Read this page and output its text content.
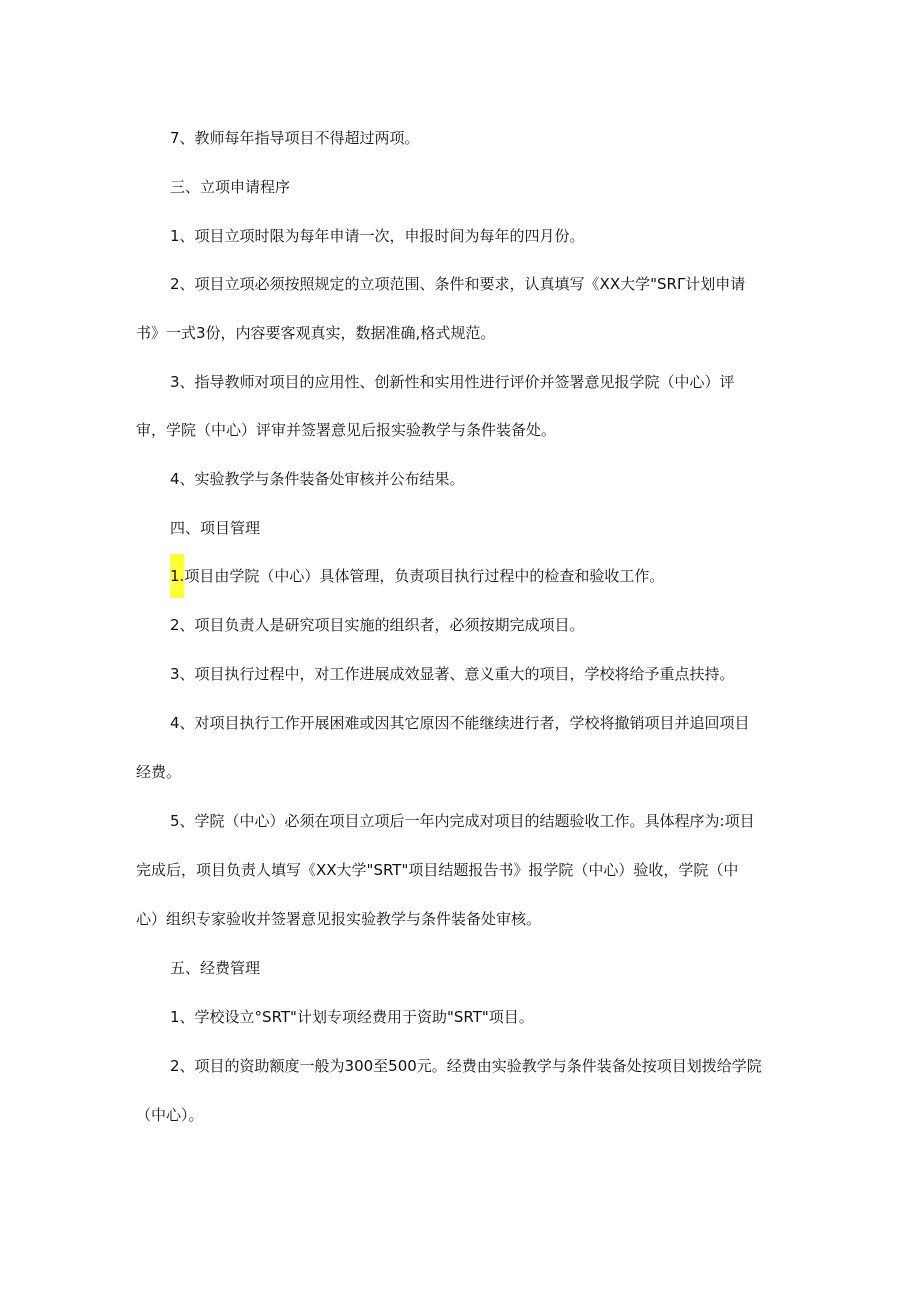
7、教师每年指导项目不得超过两项。
三、立项申请程序
1、项目立项时限为每年申请一次，申报时间为每年的四月份。
2、项目立项必须按照规定的立项范围、条件和要求，认真填写《XX大学"SRΓ计划申请
书》一式3份，内容要客观真实，数据准确,格式规范。
3、指导教师对项目的应用性、创新性和实用性进行评价并签署意见报学院（中心）评
审，学院（中心）评审并签署意见后报实验教学与条件装备处。
4、实验教学与条件装备处审核并公布结果。
四、项目管理
1.项目由学院（中心）具体管理，负责项目执行过程中的检查和验收工作。
2、项目负责人是研究项目实施的组织者，必须按期完成项目。
3、项目执行过程中，对工作进展成效显著、意义重大的项目，学校将给予重点扶持。
4、对项目执行工作开展困难或因其它原因不能继续进行者，学校将撤销项目并追回项目
经费。
5、学院（中心）必须在项目立项后一年内完成对项目的结题验收工作。具体程序为:项目
完成后，项目负责人填写《XX大学"SRT"项目结题报告书》报学院（中心）验收，学院（中
心）组织专家验收并签署意见报实验教学与条件装备处审核。
五、经费管理
1、学校设立°SRT"计划专项经费用于资助"SRT"项目。
2、项目的资助额度一般为300至500元。经费由实验教学与条件装备处按项目划拨给学院
（中心）。
